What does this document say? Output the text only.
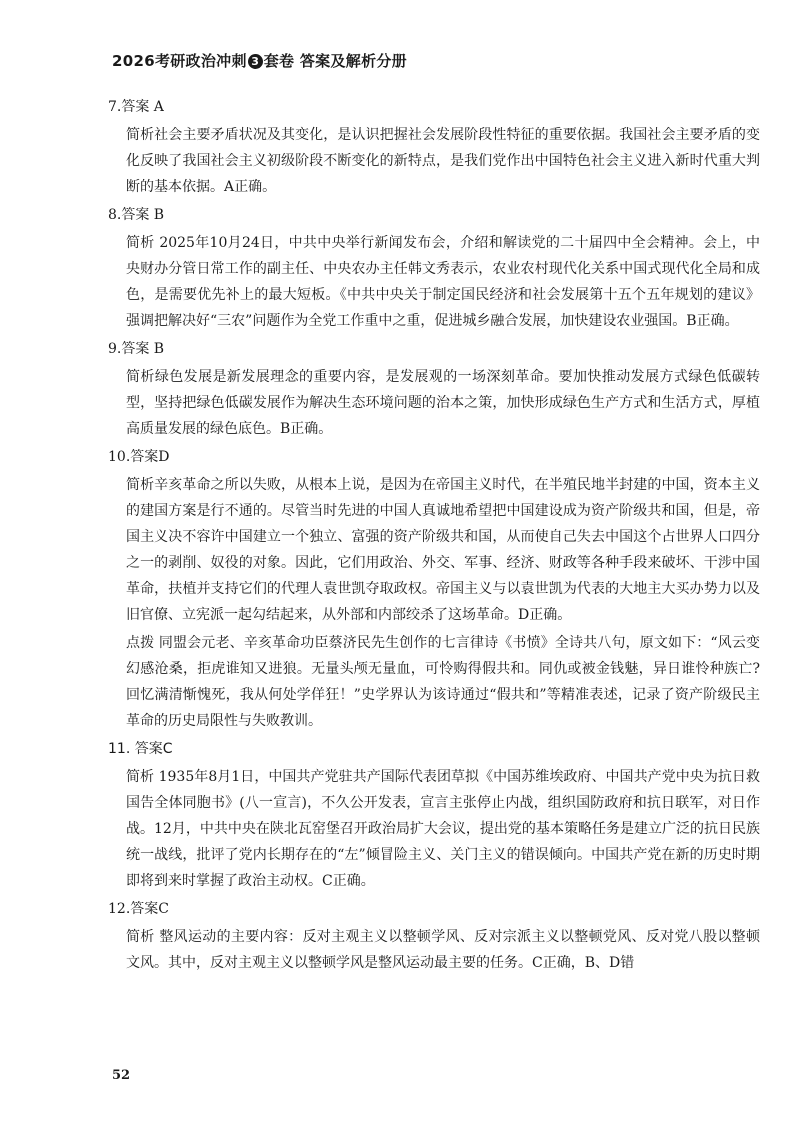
2026考研政治冲刺 3 套卷 答案及解析分册

7.答案 A

简析社会主要矛盾状况及其变化，是认识把握社会发展阶段性特征的重要依据。我国社会主要矛盾的变化反映了我国社会主义初级阶段不断变化的新特点，是我们党作出中国特色社会主义进入新时代重大判断的基本依据。A正确。

8.答案 B

简析 2025年10月24日，中共中央举行新闻发布会，介绍和解读党的二十届四中全会精神。会上，中央财办分管日常工作的副主任、中央农办主任韩文秀表示，农业农村现代化关系中国式现代化全局和成色，是需要优先补上的最大短板。《中共中央关于制定国民经济和社会发展第十五个五年规划的建议》强调把解决好“三农”问题作为全党工作重中之重，促进城乡融合发展，加快建设农业强国。B正确。

9.答案 B

简析绿色发展是新发展理念的重要内容，是发展观的一场深刻革命。要加快推动发展方式绿色低碳转型，坚持把绿色低碳发展作为解决生态环境问题的治本之策，加快形成绿色生产方式和生活方式，厚植高质量发展的绿色底色。B正确。

10.答案D

简析辛亥革命之所以失败，从根本上说，是因为在帝国主义时代，在半殖民地半封建的中国，资本主义的建国方案是行不通的。尽管当时先进的中国人真诚地希望把中国建设成为资产阶级共和国，但是，帝国主义决不容许中国建立一个独立、富强的资产阶级共和国，从而使自己失去中国这个占世界人口四分之一的剥削、奴役的对象。因此，它们用政治、外交、军事、经济、财政等各种手段来破坏、干涉中国革命，扶植并支持它们的代理人袁世凯夺取政权。帝国主义与以袁世凯为代表的大地主大买办势力以及旧官僚、立宪派一起勾结起来，从外部和内部绞杀了这场革命。D正确。

点拨 同盟会元老、辛亥革命功臣蔡济民先生创作的七言律诗《书愤》全诗共八句，原文如下：“风云变幻感沧桑，拒虎谁知又进狼。无量头颅无量血，可怜购得假共和。同仇或被金钱魅，异日谁怜种族亡?回忆满清惭愧死，我从何处学佯狂！”史学界认为该诗通过“假共和”等精准表述，记录了资产阶级民主革命的历史局限性与失败教训。

11. 答案C

简析 1935年8月1日，中国共产党驻共产国际代表团草拟《中国苏维埃政府、中国共产党中央为抗日救国告全体同胞书》(八一宣言)，不久公开发表，宣言主张停止内战，组织国防政府和抗日联军，对日作战。12月，中共中央在陕北瓦窑堡召开政治局扩大会议，提出党的基本策略任务是建立广泛的抗日民族统一战线，批评了党内长期存在的“左”倾冒险主义、关门主义的错误倾向。中国共产党在新的历史时期即将到来时掌握了政治主动权。C正确。

12.答案C

简析 整风运动的主要内容：反对主观主义以整顿学风、反对宗派主义以整顿党风、反对党八股以整顿文风。其中，反对主观主义以整顿学风是整风运动最主要的任务。C正确，B、D错

52
